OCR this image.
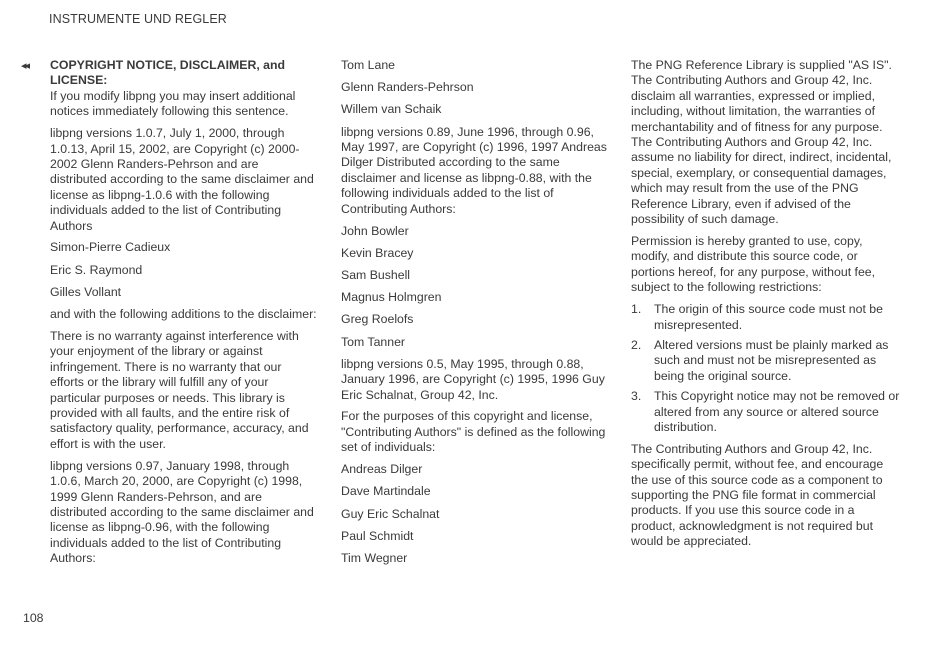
INSTRUMENTE UND REGLER
◂◂ COPYRIGHT NOTICE, DISCLAIMER, and LICENSE:

If you modify libpng you may insert additional notices immediately following this sentence.

libpng versions 1.0.7, July 1, 2000, through 1.0.13, April 15, 2002, are Copyright (c) 2000-2002 Glenn Randers-Pehrson and are distributed according to the same disclaimer and license as libpng-1.0.6 with the following individuals added to the list of Contributing Authors

Simon-Pierre Cadieux

Eric S. Raymond

Gilles Vollant

and with the following additions to the disclaimer:

There is no warranty against interference with your enjoyment of the library or against infringement. There is no warranty that our efforts or the library will fulfill any of your particular purposes or needs. This library is provided with all faults, and the entire risk of satisfactory quality, performance, accuracy, and effort is with the user.

libpng versions 0.97, January 1998, through 1.0.6, March 20, 2000, are Copyright (c) 1998, 1999 Glenn Randers-Pehrson, and are distributed according to the same disclaimer and license as libpng-0.96, with the following individuals added to the list of Contributing Authors:

Tom Lane

Glenn Randers-Pehrson

Willem van Schaik

libpng versions 0.89, June 1996, through 0.96, May 1997, are Copyright (c) 1996, 1997 Andreas Dilger Distributed according to the same disclaimer and license as libpng-0.88, with the following individuals added to the list of Contributing Authors:

John Bowler

Kevin Bracey

Sam Bushell

Magnus Holmgren

Greg Roelofs

Tom Tanner

libpng versions 0.5, May 1995, through 0.88, January 1996, are Copyright (c) 1995, 1996 Guy Eric Schalnat, Group 42, Inc.

For the purposes of this copyright and license, "Contributing Authors" is defined as the following set of individuals:

Andreas Dilger

Dave Martindale

Guy Eric Schalnat

Paul Schmidt

Tim Wegner

The PNG Reference Library is supplied "AS IS". The Contributing Authors and Group 42, Inc. disclaim all warranties, expressed or implied, including, without limitation, the warranties of merchantability and of fitness for any purpose. The Contributing Authors and Group 42, Inc. assume no liability for direct, indirect, incidental, special, exemplary, or consequential damages, which may result from the use of the PNG Reference Library, even if advised of the possibility of such damage.

Permission is hereby granted to use, copy, modify, and distribute this source code, or portions hereof, for any purpose, without fee, subject to the following restrictions:

1. The origin of this source code must not be misrepresented.
2. Altered versions must be plainly marked as such and must not be misrepresented as being the original source.
3. This Copyright notice may not be removed or altered from any source or altered source distribution.

The Contributing Authors and Group 42, Inc. specifically permit, without fee, and encourage the use of this source code as a component to supporting the PNG file format in commercial products. If you use this source code in a product, acknowledgment is not required but would be appreciated.

108
